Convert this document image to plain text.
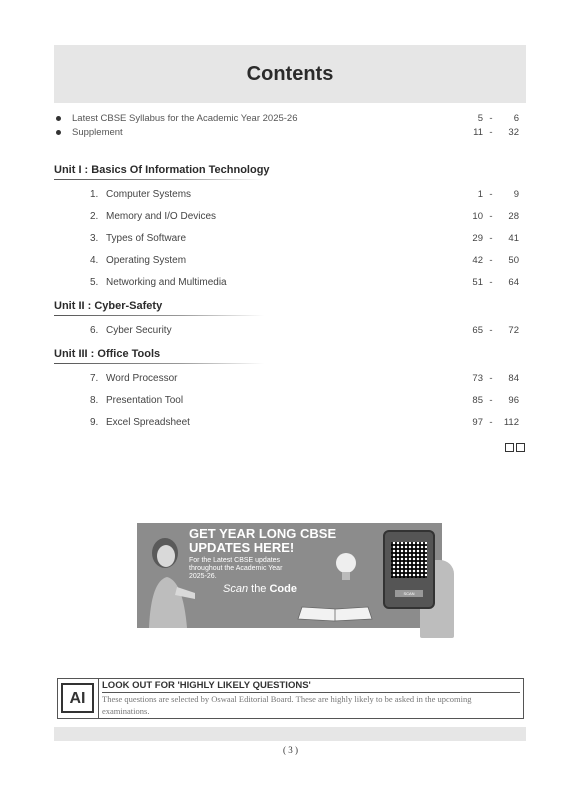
Contents
Latest CBSE Syllabus for the Academic Year 2025-26	5 - 6
Supplement	11 - 32
Unit I : Basics Of Information Technology
1. Computer Systems	1 - 9
2. Memory and I/O Devices	10 - 28
3. Types of Software	29 - 41
4. Operating System	42 - 50
5. Networking and Multimedia	51 - 64
Unit II : Cyber-Safety
6. Cyber Security	65 - 72
Unit III : Office Tools
7. Word Processor	73 - 84
8. Presentation Tool	85 - 96
9. Excel Spreadsheet	97 - 112
GET YEAR LONG CBSE
UPDATES HERE!
For the Latest CBSE updates throughout the Academic Year 2025-26.
Scan the Code	SCAN
AI
LOOK OUT FOR 'HIGHLY LIKELY QUESTIONS'
These questions are selected by Oswaal Editorial Board. These are highly likely to be asked in the upcoming examinations.
( 3 )
